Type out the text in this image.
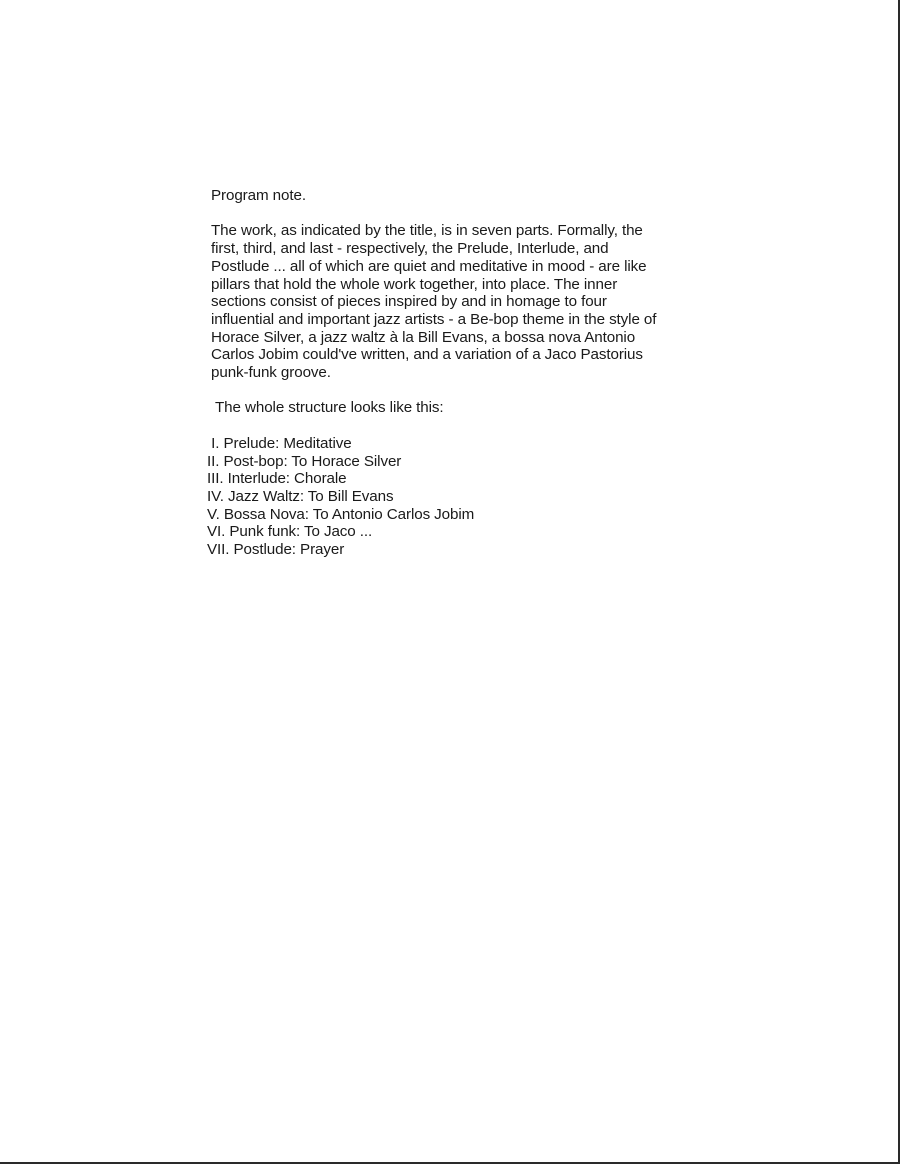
Program note.

The work, as indicated by the title, is in seven parts. Formally, the
first, third, and last - respectively, the Prelude, Interlude, and
Postlude ... all of which are quiet and meditative in mood - are like
pillars that hold the whole work together, into place. The inner
sections consist of pieces inspired by and in homage to four
influential and important jazz artists - a Be-bop theme in the style of
Horace Silver, a jazz waltz à la Bill Evans, a bossa nova Antonio
Carlos Jobim could've written, and a variation of a Jaco Pastorius
punk-funk groove.

The whole structure looks like this:

I. Prelude: Meditative
II. Post-bop: To Horace Silver
III. Interlude: Chorale
IV. Jazz Waltz: To Bill Evans
V. Bossa Nova: To Antonio Carlos Jobim
VI. Punk funk: To Jaco ...
VII. Postlude: Prayer
